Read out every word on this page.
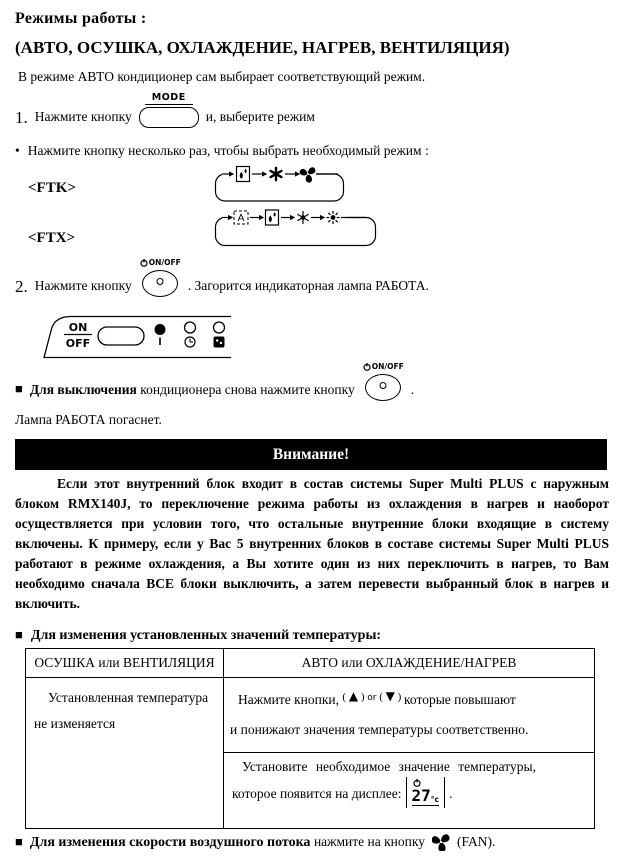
Режимы работы :
(АВТО, ОСУШКА, ОХЛАЖДЕНИЕ, НАГРЕВ, ВЕНТИЛЯЦИЯ)
В режиме АВТО кондиционер сам выбирает соответствующий режим.
1. Нажмите кнопку
MODE
и, выберите режим
• Нажмите кнопку несколько раз, чтобы выбрать необходимый режим :
<FTK>
<FTX>
2. Нажмите кнопку
ON/OFF
. Загорится индикаторная лампа РАБОТА.
ON
OFF
■ Для выключения кондиционера снова нажмите кнопку
ON/OFF
.
Лампа РАБОТА погаснет.
Внимание!
Если этот внутренний блок входит в состав системы Super Multi PLUS с наружным блоком RMX140J, то переключение режима работы из охлаждения в нагрев и наоборот осуществляется при условии того, что остальные внутренние блоки входящие в систему включены. К примеру, если у Вас 5 внутренних блоков в составе системы Super Multi PLUS работают в режиме охлаждения, а Вы хотите один из них переключить в нагрев, то Вам необходимо сначала ВСЕ блоки выключить, а затем перевести выбранный блок в нагрев и включить.
■ Для изменения установленных значений температуры:
ОСУШКА или ВЕНТИЛЯЦИЯ	АВТО или ОХЛАЖДЕНИЕ/НАГРЕВ
Установленная температура
не изменяется
Нажмите кнопки, $^{( ▲ ) or ( ▼ )}$ которые повышают
и понижают значения температуры соответственно.
Установите необходимое значение температуры,
которое появится на дисплее: 27 °c .
■ Для изменения скорости воздушного потока нажмите на кнопку (FAN).
